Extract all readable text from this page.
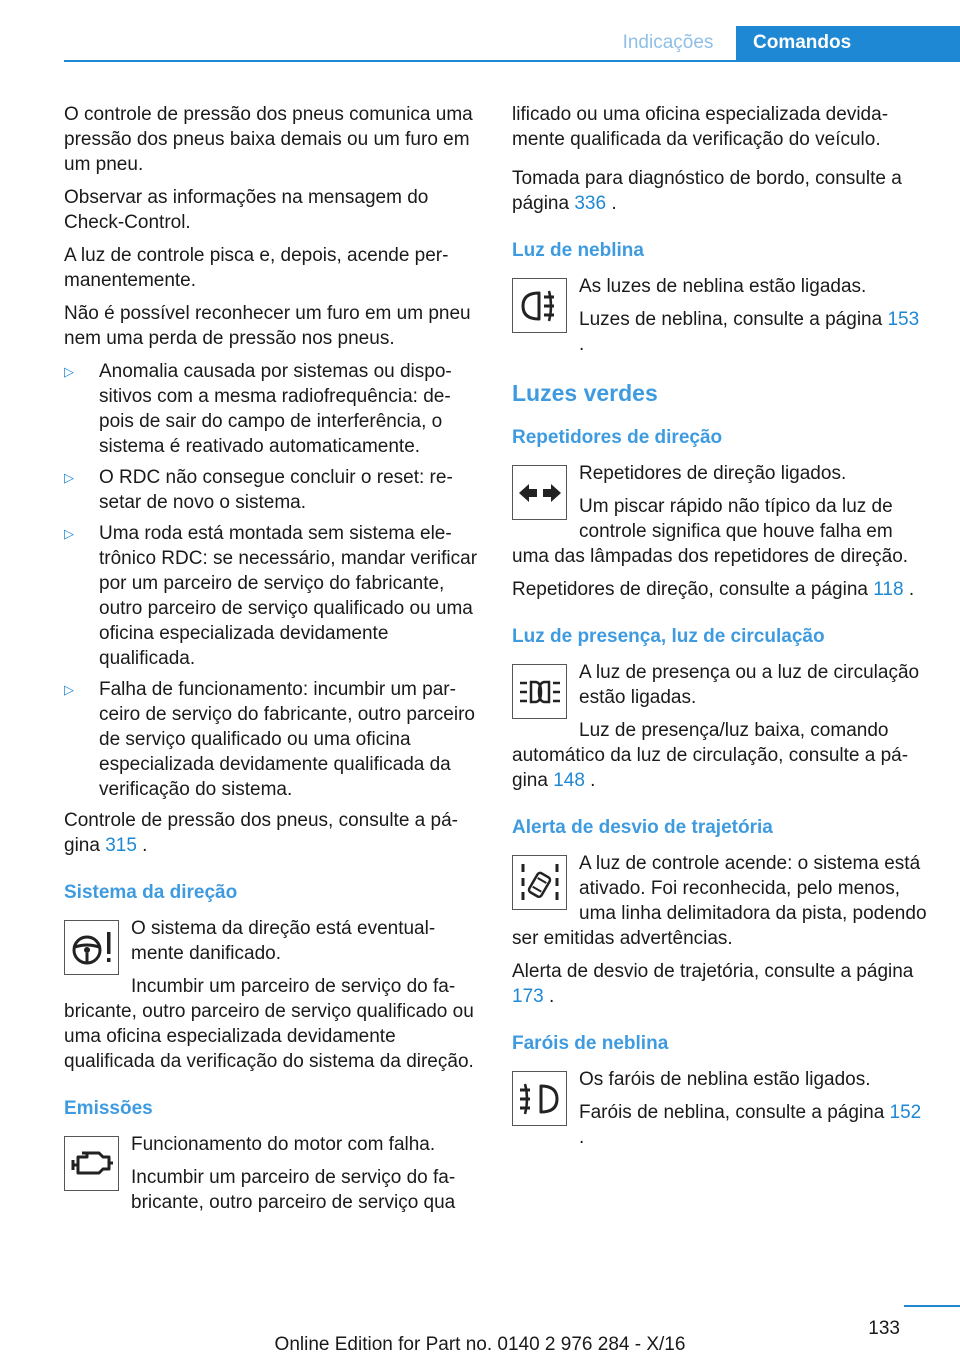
Indicações	Comandos

O controle de pressão dos pneus comunica uma pressão dos pneus baixa demais ou um furo em um pneu.

Observar as informações na mensagem do Check-Control.

A luz de controle pisca e, depois, acende permanentemente.

Não é possível reconhecer um furo em um pneu nem uma perda de pressão nos pneus.

▷ Anomalia causada por sistemas ou dispositivos com a mesma radiofrequência: depois de sair do campo de interferência, o sistema é reativado automaticamente.
▷ O RDC não consegue concluir o reset: resetar de novo o sistema.
▷ Uma roda está montada sem sistema eletrônico RDC: se necessário, mandar verificar por um parceiro de serviço do fabricante, outro parceiro de serviço qualificado ou uma oficina especializada devidamente qualificada.
▷ Falha de funcionamento: incumbir um parceiro de serviço do fabricante, outro parceiro de serviço qualificado ou uma oficina especializada devidamente qualificada da verificação do sistema.

Controle de pressão dos pneus, consulte a página 315 .

Sistema da direção

O sistema da direção está eventualmente danificado.

Incumbir um parceiro de serviço do fabricante, outro parceiro de serviço qualificado ou uma oficina especializada devidamente qualificada da verificação do sistema da direção.

Emissões

Funcionamento do motor com falha.

Incumbir um parceiro de serviço do fabricante, outro parceiro de serviço qua

lificado ou uma oficina especializada devidamente qualificada da verificação do veículo.

Tomada para diagnóstico de bordo, consulte a página 336 .

Luz de neblina

As luzes de neblina estão ligadas.

Luzes de neblina, consulte a página 153 .

Luzes verdes
Repetidores de direção

Repetidores de direção ligados.

Um piscar rápido não típico da luz de controle significa que houve falha em uma das lâmpadas dos repetidores de direção.

Repetidores de direção, consulte a página 118 .

Luz de presença, luz de circulação

A luz de presença ou a luz de circulação estão ligadas.

Luz de presença/luz baixa, comando automático da luz de circulação, consulte a página 148 .

Alerta de desvio de trajetória

A luz de controle acende: o sistema está ativado. Foi reconhecida, pelo menos, uma linha delimitadora da pista, podendo ser emitidas advertências.

Alerta de desvio de trajetória, consulte a página 173 .

Faróis de neblina

Os faróis de neblina estão ligados.

Faróis de neblina, consulte a página 152 .

133
Online Edition for Part no. 0140 2 976 284 - X/16
